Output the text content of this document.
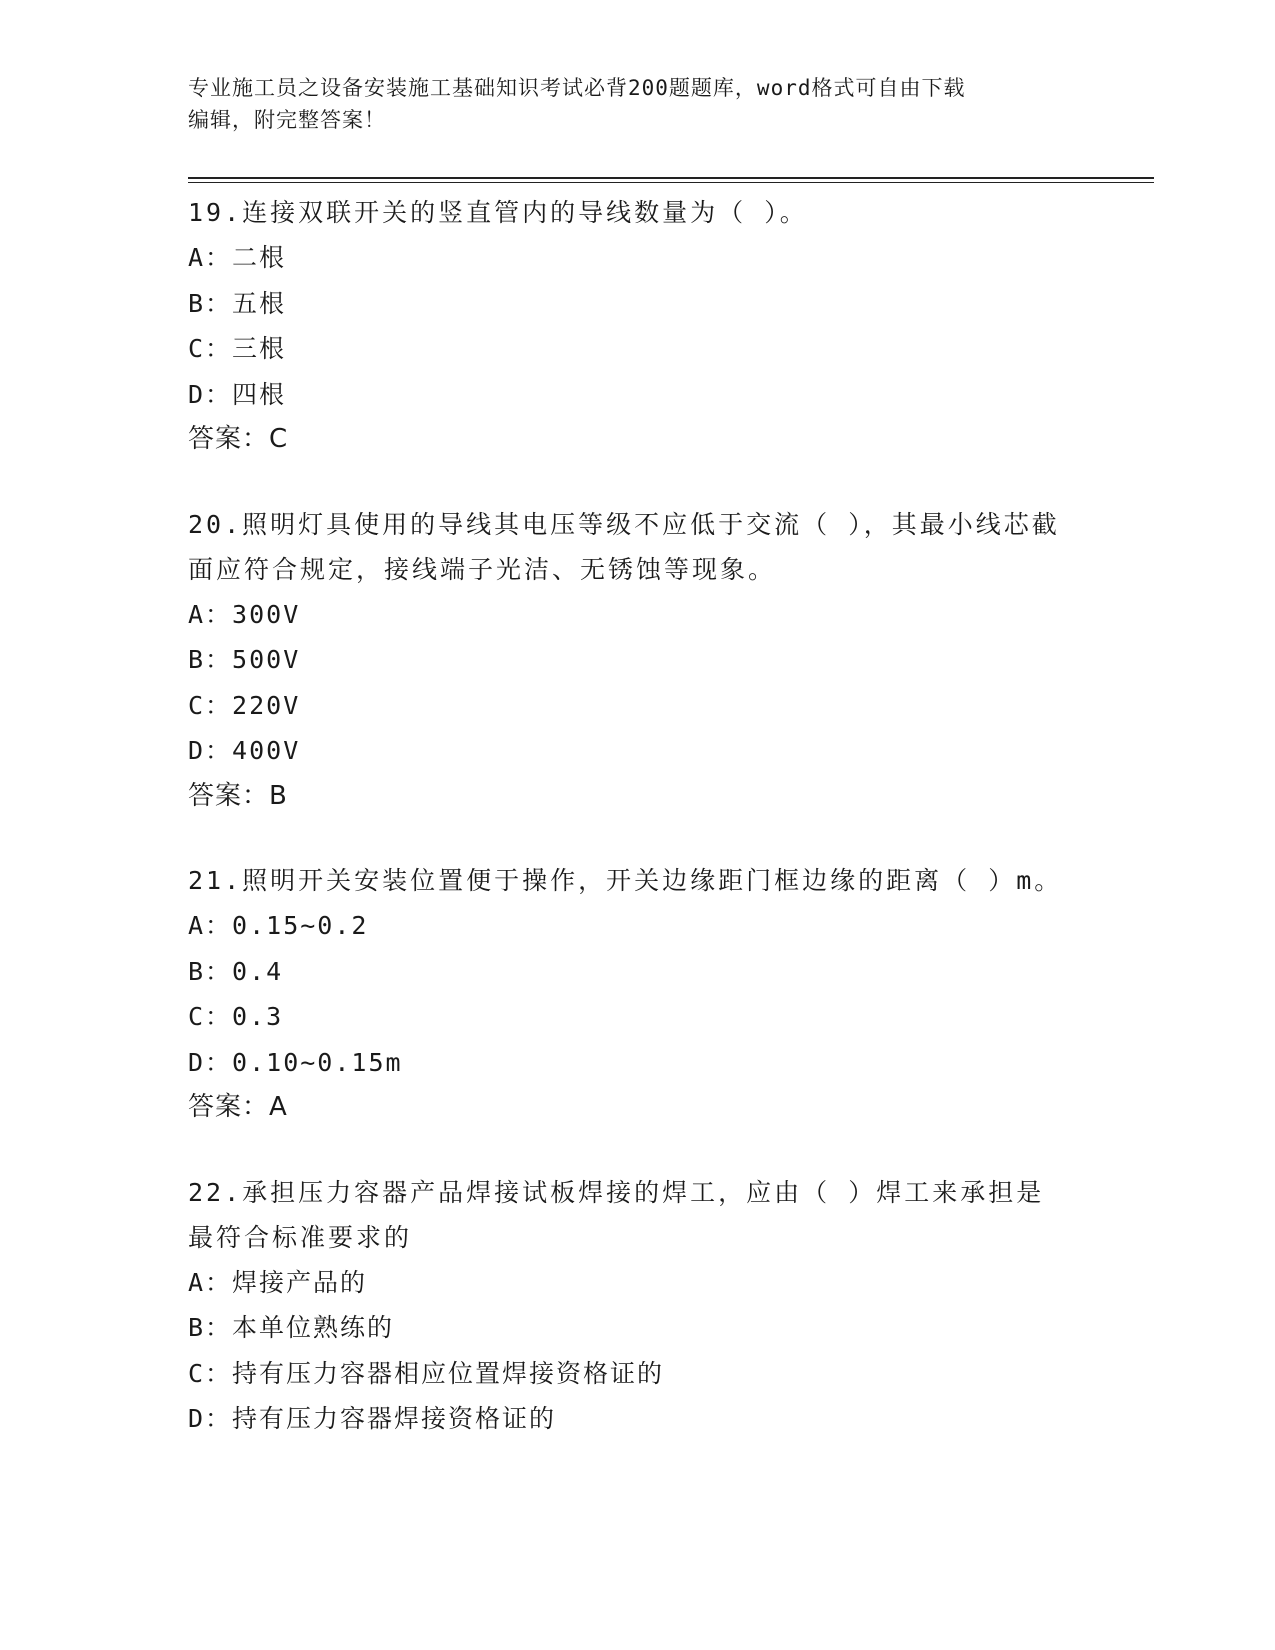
专业施工员之设备安装施工基础知识考试必背200题题库，word格式可自由下载
编辑，附完整答案！
19.连接双联开关的竖直管内的导线数量为（ ）。
A：二根
B：五根
C：三根
D：四根
答案：C
20.照明灯具使用的导线其电压等级不应低于交流（ ），其最小线芯截面应符合规定，接线端子光洁、无锈蚀等现象。
A：300V
B：500V
C：220V
D：400V
答案：B
21.照明开关安装位置便于操作，开关边缘距门框边缘的距离（ ）m。
A：0.15~0.2
B：0.4
C：0.3
D：0.10~0.15m
答案：A
22.承担压力容器产品焊接试板焊接的焊工，应由（ ）焊工来承担是最符合标准要求的
A：焊接产品的
B：本单位熟练的
C：持有压力容器相应位置焊接资格证的
D：持有压力容器焊接资格证的
